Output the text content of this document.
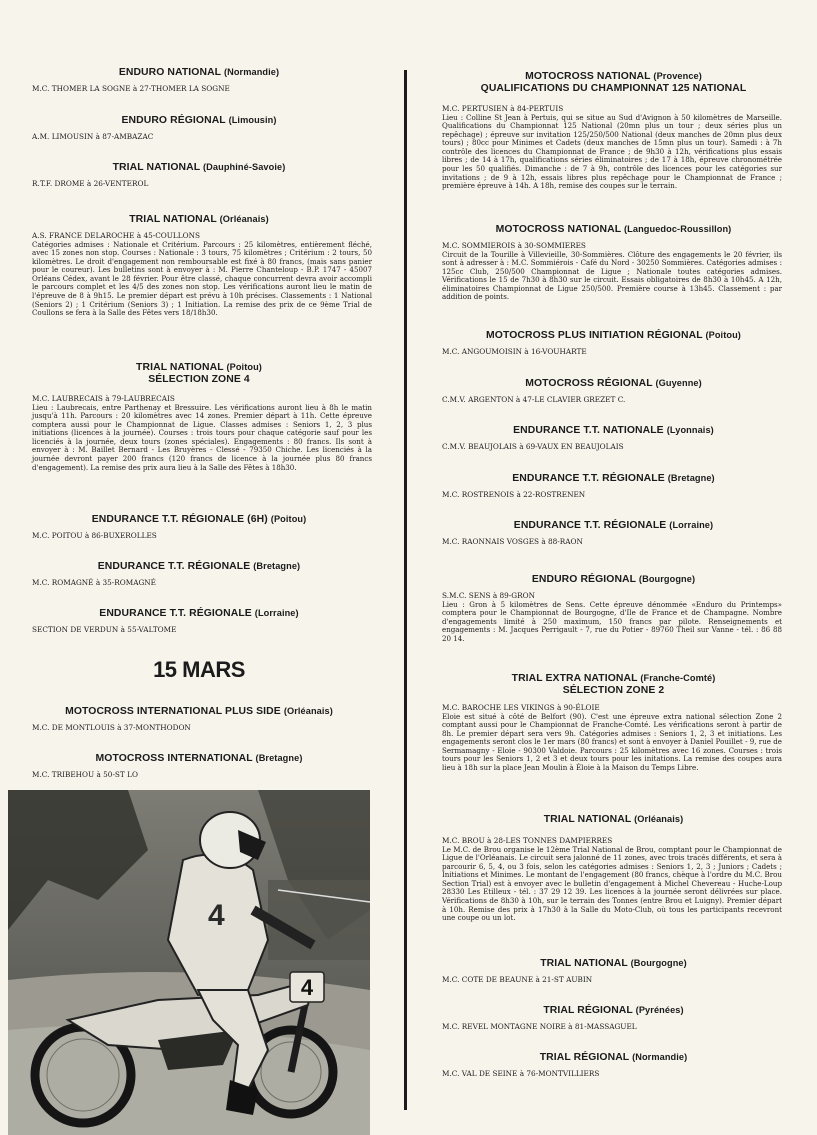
ENDURO NATIONAL (Normandie)
M.C. THOMER LA SOGNE à 27-THOMER LA SOGNE
ENDURO RÉGIONAL (Limousin)
A.M. LIMOUSIN à 87-AMBAZAC
TRIAL NATIONAL (Dauphiné-Savoie)
R.T.F. DROME à 26-VENTEROL
TRIAL NATIONAL (Orléanais)
A.S. FRANCE DELAROCHE à 45-COULLONS
Catégories admises : Nationale et Critérium. Parcours : 25 kilomètres, entièrement fléché, avec 15 zones non stop. Courses : Nationale : 3 tours, 75 kilomètres ; Critérium : 2 tours, 50 kilomètres. Le droit d'engagement non remboursable est fixé à 80 francs, (mais sans panier pour le coureur). Les bulletins sont à envoyer à : M. Pierre Chanteloup - B.P. 1747 - 45007 Orléans Cédex, avant le 28 février. Pour être classé, chaque concurrent devra avoir accompli le parcours complet et les 4/5 des zones non stop. Les vérifications auront lieu le matin de l'épreuve de 8 à 9h15. Le premier départ est prévu à 10h précises. Classements : 1 National (Seniors 2) ; 1 Critérium (Seniors 3) ; 1 Initiation. La remise des prix de ce 9ème Trial de Coullons se fera à la Salle des Fêtes vers 18/18h30.
TRIAL NATIONAL (Poitou)
SÉLECTION ZONE 4
M.C. LAUBRECAIS à 79-LAUBRECAIS
Lieu : Laubrecais, entre Parthenay et Bressuire. Les vérifications auront lieu à 8h le matin jusqu'à 11h. Parcours : 20 kilomètres avec 14 zones. Premier départ à 11h. Cette épreuve comptera aussi pour le Championnat de Ligue. Classes admises : Seniors 1, 2, 3 plus initiations (licences à la journée). Courses : trois tours pour chaque catégorie sauf pour les licenciés à la journée, deux tours (zones spéciales). Engagements : 80 francs. Ils sont à envoyer à : M. Baillet Bernard - Les Bruyères - Clessé - 79350 Chiche. Les licenciés à la journée devront payer 200 francs (120 francs de licence à la journée plus 80 francs d'engagement). La remise des prix aura lieu à la Salle des Fêtes à 18h30.
ENDURANCE T.T. RÉGIONALE (6H) (Poitou)
M.C. POITOU à 86-BUXEROLLES
ENDURANCE T.T. RÉGIONALE (Bretagne)
M.C. ROMAGNÉ à 35-ROMAGNÉ
ENDURANCE T.T. RÉGIONALE (Lorraine)
SECTION DE VERDUN à 55-VALTOME
15 MARS
MOTOCROSS INTERNATIONAL PLUS SIDE (Orléanais)
M.C. DE MONTLOUIS à 37-MONTHODON
MOTOCROSS INTERNATIONAL (Bretagne)
M.C. TRIBEHOU à 50-ST LO
4
4
MOTOCROSS NATIONAL (Provence)
QUALIFICATIONS DU CHAMPIONNAT 125 NATIONAL
M.C. PERTUSIEN à 84-PERTUIS
Lieu : Colline St Jean à Pertuis, qui se situe au Sud d'Avignon à 50 kilomètres de Marseille. Qualifications du Championnat 125 National (20mn plus un tour ; deux séries plus un repêchage) ; épreuve sur invitation 125/250/500 National (deux manches de 20mn plus deux tours) ; 80cc pour Minimes et Cadets (deux manches de 15mn plus un tour). Samedi : à 7h contrôle des licences du Championnat de France ; de 9h30 à 12h, vérifications plus essais libres ; de 14 à 17h, qualifications séries éliminatoires ; de 17 à 18h, épreuve chronométrée pour les 50 qualifiés. Dimanche : de 7 à 9h, contrôle des licences pour les catégories sur invitations ; de 9 à 12h, essais libres plus repêchage pour le Championnat de France ; première épreuve à 14h. A 18h, remise des coupes sur le terrain.
MOTOCROSS NATIONAL (Languedoc-Roussillon)
M.C. SOMMIEROIS à 30-SOMMIERES
Circuit de la Tourille à Villevieille, 30-Sommières. Clôture des engagements le 20 février, ils sont à adresser à : M.C. Sommiérois - Café du Nord - 30250 Sommières. Catégories admises : 125cc Club, 250/500 Championnat de Ligue ; Nationale toutes catégories admises. Vérifications le 15 de 7h30 à 8h30 sur le circuit. Essais obligatoires de 8h30 à 10h45. A 12h, éliminatoires Championnat de Ligue 250/500. Première course à 13h45. Classement : par addition de points.
MOTOCROSS PLUS INITIATION RÉGIONAL (Poitou)
M.C. ANGOUMOISIN à 16-VOUHARTE
MOTOCROSS RÉGIONAL (Guyenne)
C.M.V. ARGENTON à 47-LE CLAVIER GREZET C.
ENDURANCE T.T. NATIONALE (Lyonnais)
C.M.V. BEAUJOLAIS à 69-VAUX EN BEAUJOLAIS
ENDURANCE T.T. RÉGIONALE (Bretagne)
M.C. ROSTRENOIS à 22-ROSTRENEN
ENDURANCE T.T. RÉGIONALE (Lorraine)
M.C. RAONNAIS VOSGES à 88-RAON
ENDURO RÉGIONAL (Bourgogne)
S.M.C. SENS à 89-GRON
Lieu : Gron à 5 kilomètres de Sens. Cette épreuve dénommée «Enduro du Printemps» comptera pour le Championnat de Bourgogne, d'Ile de France et de Champagne. Nombre d'engagements limité à 250 maximum, 150 francs par pilote. Renseignements et engagements : M. Jacques Perrigault - 7, rue du Potier - 89760 Theil sur Vanne - tél. : 86 88 20 14.
TRIAL EXTRA NATIONAL (Franche-Comté)
SÉLECTION ZONE 2
M.C. BAROCHE LES VIKINGS à 90-ÉLOIE
Eloie est situé à côté de Belfort (90). C'est une épreuve extra national sélection Zone 2 comptant aussi pour le Championnat de Franche-Comté. Les vérifications seront à partir de 8h. Le premier départ sera vers 9h. Catégories admises : Seniors 1, 2, 3 et initiations. Les engagements seront clos le 1er mars (80 francs) et sont à envoyer à Daniel Pouillet - 9, rue de Sermamagny - Eloie - 90300 Valdoie. Parcours : 25 kilomètres avec 16 zones. Courses : trois tours pour les Seniors 1, 2 et 3 et deux tours pour les initations. La remise des coupes aura lieu à 18h sur la place Jean Moulin à Éloie à la Maison du Temps Libre.
TRIAL NATIONAL (Orléanais)
M.C. BROU à 28-LES TONNES DAMPIERRES
Le M.C. de Brou organise le 12ème Trial National de Brou, comptant pour le Championnat de Ligue de l'Orléanais. Le circuit sera jalonné de 11 zones, avec trois tracés différents, et sera à parcourir 6, 5, 4, ou 3 fois, selon les catégories admises : Seniors 1, 2, 3 ; Juniors ; Cadets ; Initiations et Minimes. Le montant de l'engagement (80 francs, chèque à l'ordre du M.C. Brou Section Trial) est à envoyer avec le bulletin d'engagement à Michel Chevereau - Huche-Loup 28330 Les Etilleux - tél. : 37 29 12 39. Les licences à la journée seront délivrées sur place. Vérifications de 8h30 à 10h, sur le terrain des Tonnes (entre Brou et Luigny). Premier départ à 10h. Remise des prix à 17h30 à la Salle du Moto-Club, où tous les participants recevront une coupe ou un lot.
TRIAL NATIONAL (Bourgogne)
M.C. COTE DE BEAUNE à 21-ST AUBIN
TRIAL RÉGIONAL (Pyrénées)
M.C. REVEL MONTAGNE NOIRE à 81-MASSAGUEL
TRIAL RÉGIONAL (Normandie)
M.C. VAL DE SEINE à 76-MONTVILLIERS
